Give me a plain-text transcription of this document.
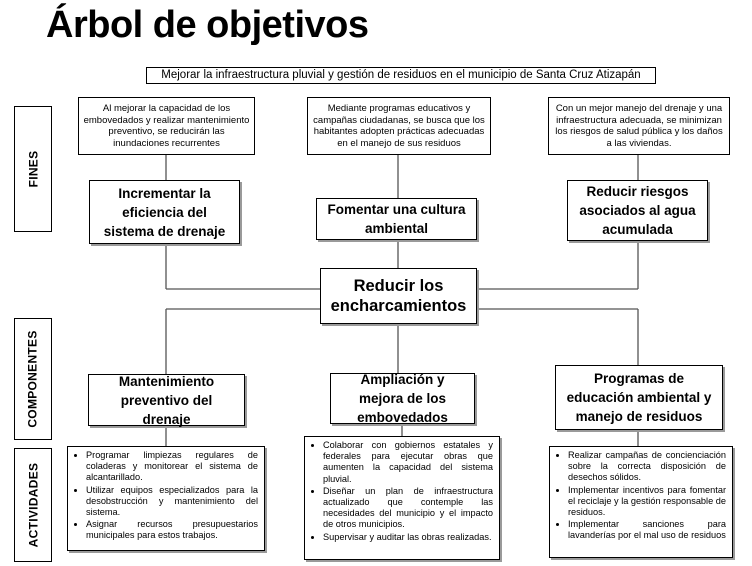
Árbol de objetivos
Mejorar la infraestructura pluvial y gestión de residuos en el municipio de Santa Cruz Atizapán
FINES
COMPONENTES
ACTIVIDADES
Al mejorar la capacidad de los embovedados y realizar mantenimiento preventivo, se reducirán las inundaciones recurrentes
Mediante programas educativos y campañas ciudadanas, se busca que los habitantes adopten prácticas adecuadas en el manejo de sus residuos
Con un mejor manejo del drenaje y una infraestructura adecuada, se minimizan los riesgos de salud pública y los daños a las viviendas.
Incrementar la eficiencia del sistema de drenaje
Fomentar una cultura ambiental
Reducir riesgos asociados al agua acumulada
Reducir los encharcamientos
Mantenimiento preventivo del drenaje
Ampliación y mejora de los embovedados
Programas de educación ambiental y manejo de residuos
• Programar limpiezas regulares de coladeras y monitorear el sistema de alcantarillado.
• Utilizar equipos especializados para la desobstrucción y mantenimiento del sistema.
• Asignar recursos presupuestarios municipales para estos trabajos.
• Colaborar con gobiernos estatales y federales para ejecutar obras que aumenten la capacidad del sistema pluvial.
• Diseñar un plan de infraestructura actualizado que contemple las necesidades del municipio y el impacto de otros municipios.
• Supervisar y auditar las obras realizadas.
• Realizar campañas de concienciación sobre la correcta disposición de desechos sólidos.
• Implementar incentivos para fomentar el reciclaje y la gestión responsable de residuos.
• Implementar sanciones para lavanderías por el mal uso de residuos
